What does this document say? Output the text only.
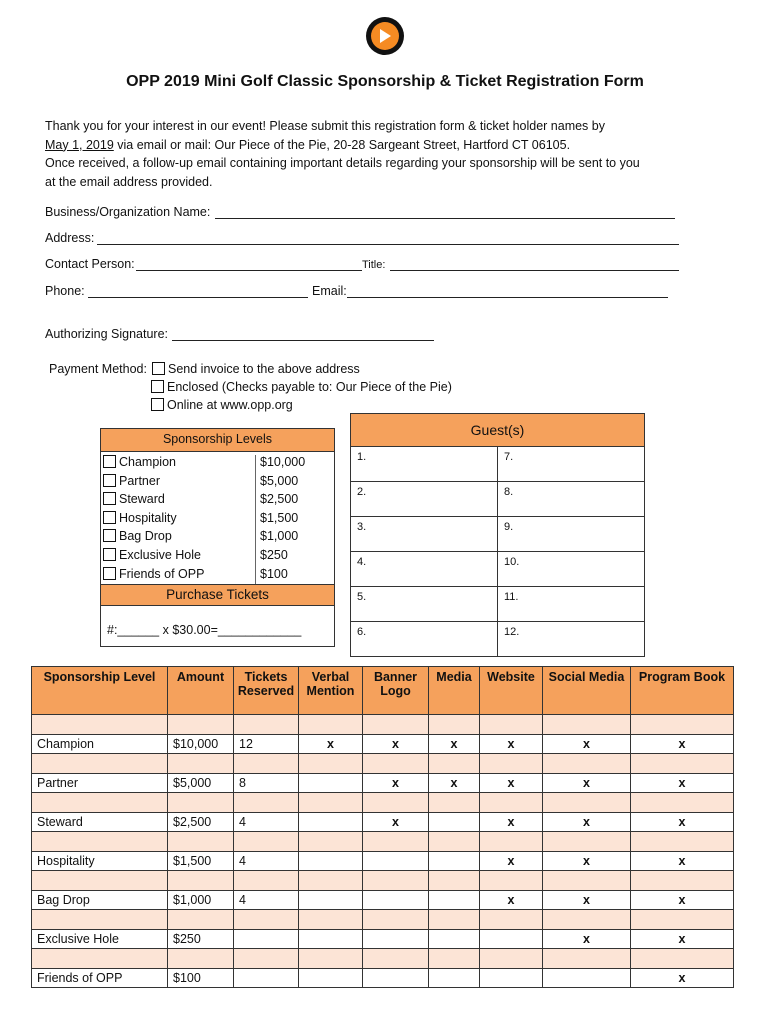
OPP 2019 Mini Golf Classic Sponsorship & Ticket Registration Form
Thank you for your interest in our event! Please submit this registration form & ticket holder names by
May 1, 2019 via email or mail: Our Piece of the Pie, 20-28 Sargeant Street, Hartford CT 06105.
Once received, a follow-up email containing important details regarding your sponsorship will be sent to you
at the email address provided.
Business/Organization Name:
Address:
Contact Person:	Title:
Phone:	Email:
Authorizing Signature:
Payment Method:	Send invoice to the above address
Enclosed (Checks payable to: Our Piece of the Pie)
Online at www.opp.org
Sponsorship Levels
Champion	$10,000
Partner	$5,000
Steward	$2,500
Hospitality	$1,500
Bag Drop	$1,000
Exclusive Hole	$250
Friends of OPP	$100
Purchase Tickets
#:______ x $30.00=____________
Guest(s)	
1.	7.
2.	8.
3.	9.
4.	10.
5.	11.
6.	12.
Sponsorship Level	Amount	Tickets Reserved	Verbal Mention	Banner Logo	Media	Website	Social Media	Program Book

Champion	$10,000	12	x	x	x	x	x	x

Partner	$5,000	8		x	x	x	x	x

Steward	$2,500	4		x		x	x	x

Hospitality	$1,500	4				x	x	x

Bag Drop	$1,000	4				x	x	x

Exclusive Hole	$250						x	x

Friends of OPP	$100							x
